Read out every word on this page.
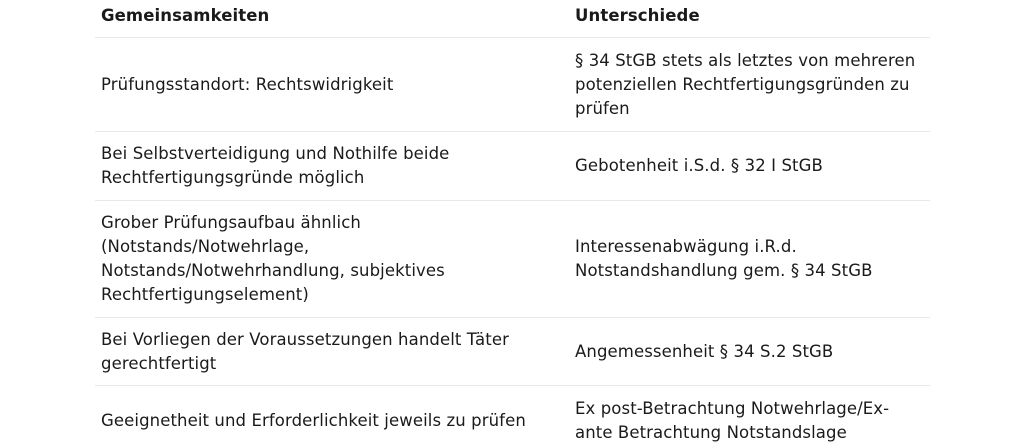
Gemeinsamkeiten	Unterschiede
Prüfungsstandort: Rechtswidrigkeit
§ 34 StGB stets als letztes von mehreren potenziellen Rechtfertigungsgründen zu prüfen
Bei Selbstverteidigung und Nothilfe beide Rechtfertigungsgründe möglich
Gebotenheit i.S.d. § 32 I StGB
Grober Prüfungsaufbau ähnlich (Notstands/Notwehrlage, Notstands/Notwehrhandlung, subjektives Rechtfertigungselement)
Interessenabwägung i.R.d. Notstandshandlung gem. § 34 StGB
Bei Vorliegen der Voraussetzungen handelt Täter gerechtfertigt
Angemessenheit § 34 S.2 StGB
Geeignetheit und Erforderlichkeit jeweils zu prüfen
Ex post-Betrachtung Notwehrlage/Ex-ante Betrachtung Notstandslage
